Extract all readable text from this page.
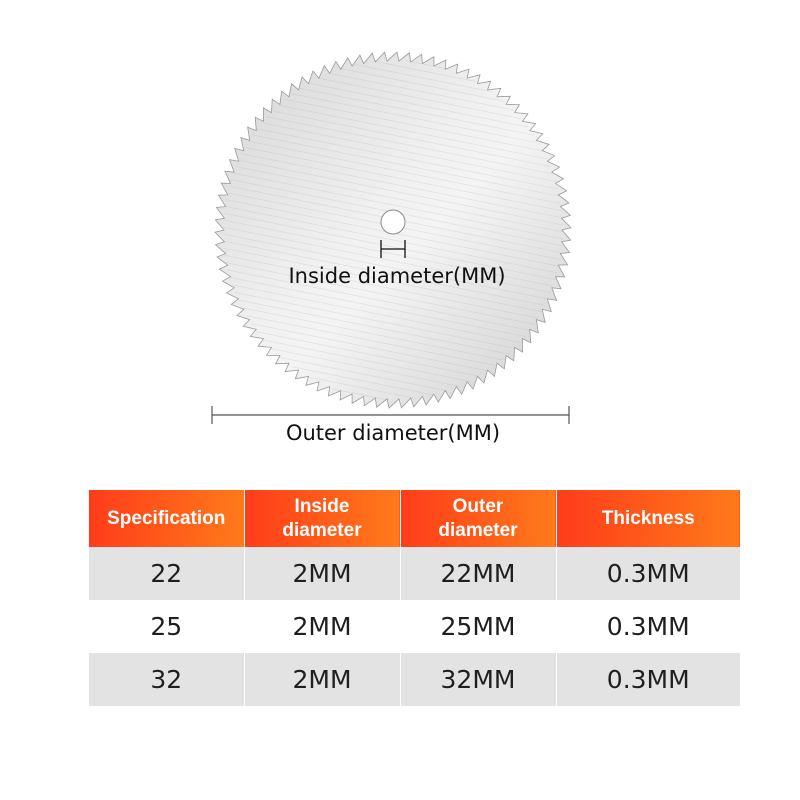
Inside diameter(MM)
Outer diameter(MM)
Specification	Inside diameter	Outer diameter	Thickness
22	2MM	22MM	0.3MM
25	2MM	25MM	0.3MM
32	2MM	32MM	0.3MM
